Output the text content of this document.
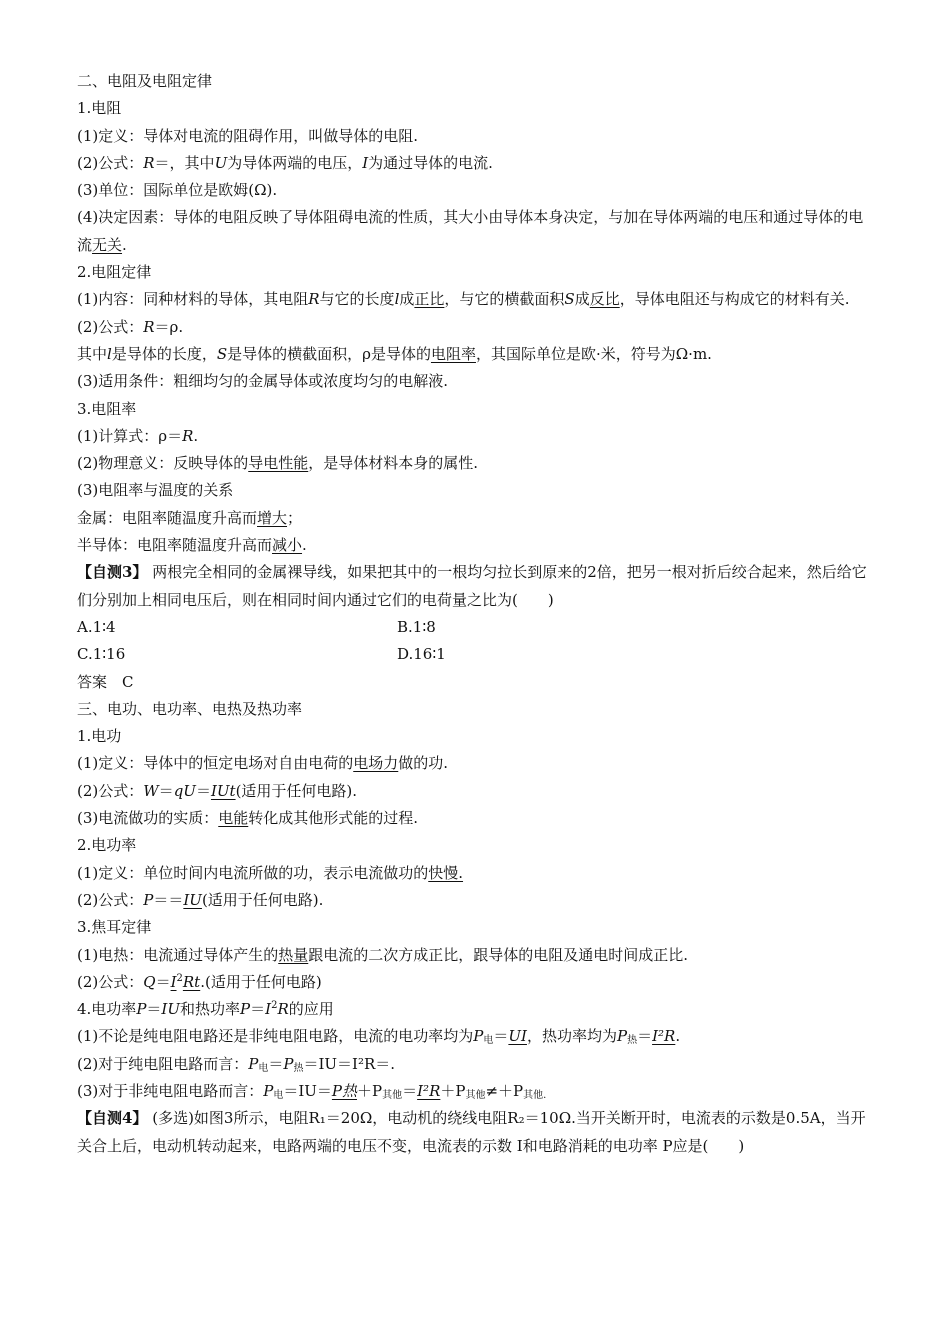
二、电阻及电阻定律
1.电阻
(1)定义：导体对电流的阻碍作用，叫做导体的电阻.
(2)公式：R＝，其中U为导体两端的电压，I为通过导体的电流.
(3)单位：国际单位是欧姆(Ω).
(4)决定因素：导体的电阻反映了导体阻碍电流的性质，其大小由导体本身决定，与加在导体两端的电压和通过导体的电流无关.
2.电阻定律
(1)内容：同种材料的导体，其电阻R与它的长度l成正比，与它的横截面积S成反比，导体电阻还与构成它的材料有关.
(2)公式：R＝ρ.
其中l是导体的长度，S是导体的横截面积，ρ是导体的电阻率，其国际单位是欧·米，符号为Ω·m.
(3)适用条件：粗细均匀的金属导体或浓度均匀的电解液.
3.电阻率
(1)计算式：ρ＝R.
(2)物理意义：反映导体的导电性能，是导体材料本身的属性.
(3)电阻率与温度的关系
金属：电阻率随温度升高而增大；
半导体：电阻率随温度升高而减小.
【自测3】 两根完全相同的金属裸导线，如果把其中的一根均匀拉长到原来的2倍，把另一根对折后绞合起来，然后给它们分别加上相同电压后，则在相同时间内通过它们的电荷量之比为(　　)
A.1∶4	B.1∶8
C.1∶16	D.16∶1
答案　C
三、电功、电功率、电热及热功率
1.电功
(1)定义：导体中的恒定电场对自由电荷的电场力做的功.
(2)公式：W＝qU＝IUt(适用于任何电路).
(3)电流做功的实质：电能转化成其他形式能的过程.
2.电功率
(1)定义：单位时间内电流所做的功，表示电流做功的快慢.
(2)公式：P＝＝IU(适用于任何电路).
3.焦耳定律
(1)电热：电流通过导体产生的热量跟电流的二次方成正比，跟导体的电阻及通电时间成正比.
(2)公式：$Q=I^2Rt$.(适用于任何电路)
4.电功率P＝IU和热功率$P=I^2R$的应用
(1)不论是纯电阻电路还是非纯电阻电路，电流的电功率均为$P_电=UI$，热功率均为$P_热=I^2R$.
(2)对于纯电阻电路而言：$P_电=P_热=IU=I^2R=$.
(3)对于非纯电阻电路而言：$P_电=IU=P$热$+P_{其他}=I^2R+P_{其他}\ne+P_{其他.}$
【自测4】 (多选)如图3所示，电阻R₁＝20Ω，电动机的绕线电阻R₂＝10Ω.当开关断开时，电流表的示数是0.5A，当开关合上后，电动机转动起来，电路两端的电压不变，电流表的示数 I和电路消耗的电功率 P应是(　　)
